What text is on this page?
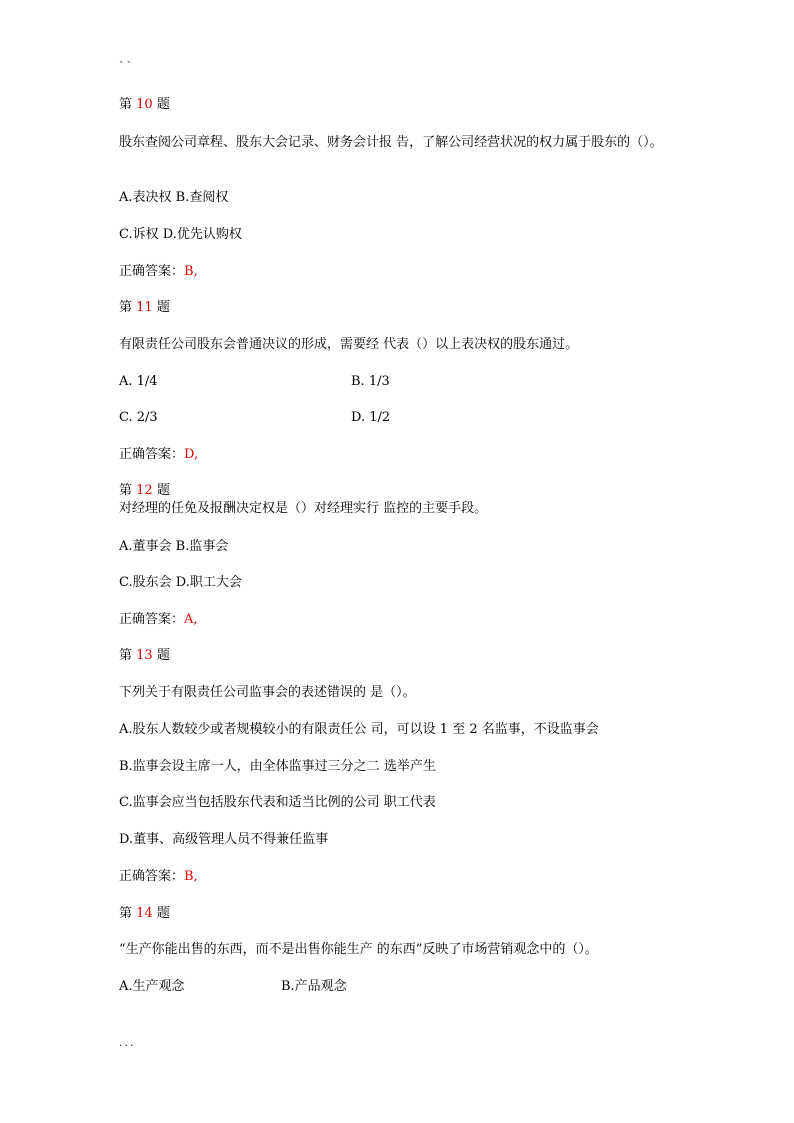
``
第 10 题
股东查阅公司章程、股东大会记录、财务会计报 告，了解公司经营状况的权力属于股东的（）。
A.表决权 B.查阅权
C.诉权 D.优先认购权
正确答案：B,
第 11 题
有限责任公司股东会普通决议的形成，需要经 代表（）以上表决权的股东通过。
A. 1/4	B. 1/3
C. 2/3	D. 1/2
正确答案：D,
第 12 题
对经理的任免及报酬决定权是（）对经理实行 监控的主要手段。
A.董事会 B.监事会
C.股东会 D.职工大会
正确答案：A,
第 13 题
下列关于有限责任公司监事会的表述错误的 是（）。
A.股东人数较少或者规模较小的有限责任公 司，可以设 1 至 2 名监事，不设监事会
B.监事会设主席一人，由全体监事过三分之二 选举产生
C.监事会应当包括股东代表和适当比例的公司 职工代表
D.董事、高级管理人员不得兼任监事
正确答案：B,
第 14 题
“生产你能出售的东西，而不是出售你能生产 的东西”反映了市场营销观念中的（）。
A.生产观念	B.产品观念
...
